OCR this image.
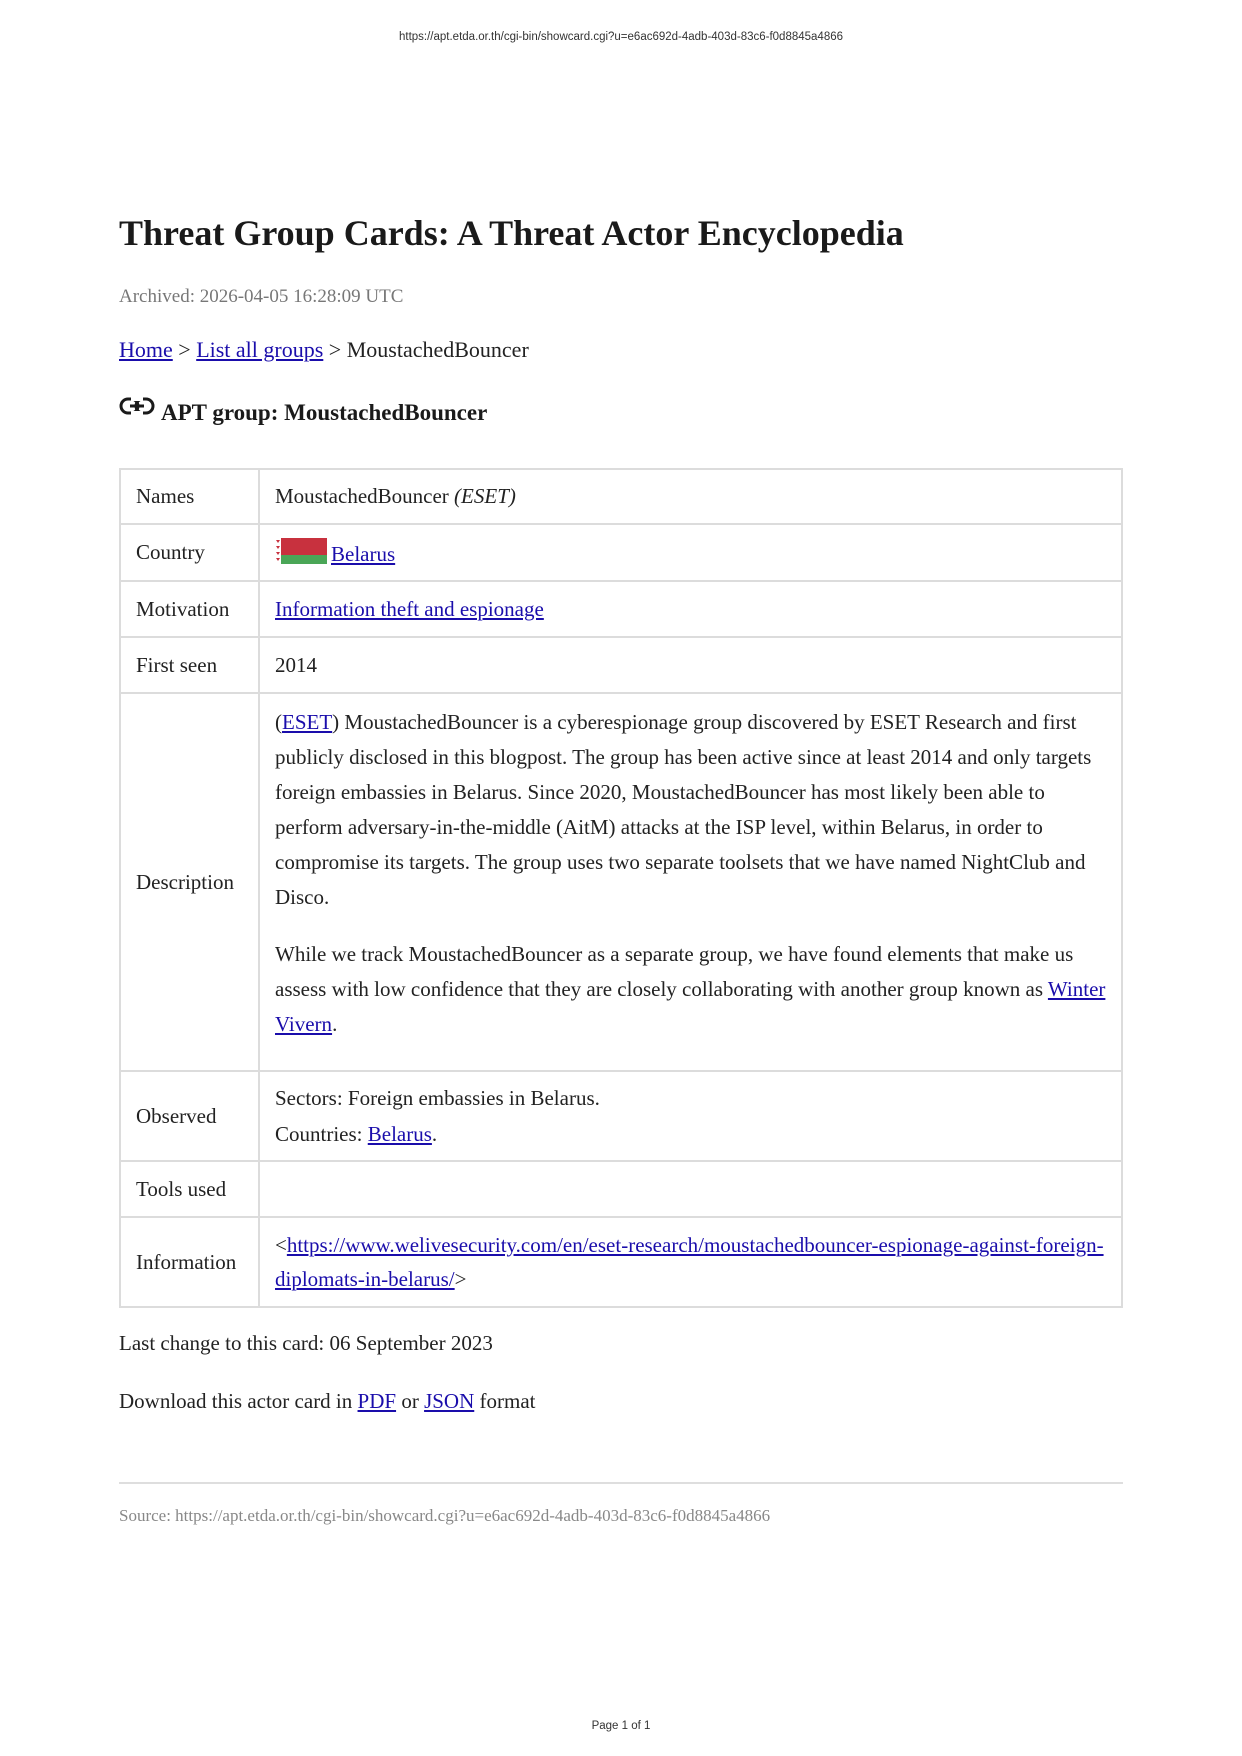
https://apt.etda.or.th/cgi-bin/showcard.cgi?u=e6ac692d-4adb-403d-83c6-f0d8845a4866
Threat Group Cards: A Threat Actor Encyclopedia
Archived: 2026-04-05 16:28:09 UTC
Home > List all groups > MoustachedBouncer
APT group: MoustachedBouncer
Names	MoustachedBouncer (ESET)
Country	Belarus
Motivation	Information theft and espionage
First seen	2014
Description	(ESET) MoustachedBouncer is a cyberespionage group discovered by ESET Research and first publicly disclosed in this blogpost. The group has been active since at least 2014 and only targets foreign embassies in Belarus. Since 2020, MoustachedBouncer has most likely been able to perform adversary-in-the-middle (AitM) attacks at the ISP level, within Belarus, in order to compromise its targets. The group uses two separate toolsets that we have named NightClub and Disco.

While we track MoustachedBouncer as a separate group, we have found elements that make us assess with low confidence that they are closely collaborating with another group known as Winter Vivern.

Observed	Sectors: Foreign embassies in Belarus.
Countries: Belarus.

Tools used	
Information	<https://www.welivesecurity.com/en/eset-research/moustachedbouncer-espionage-against-foreign-diplomats-in-belarus/>
Last change to this card: 06 September 2023
Download this actor card in PDF or JSON format
Source: https://apt.etda.or.th/cgi-bin/showcard.cgi?u=e6ac692d-4adb-403d-83c6-f0d8845a4866
Page 1 of 1
